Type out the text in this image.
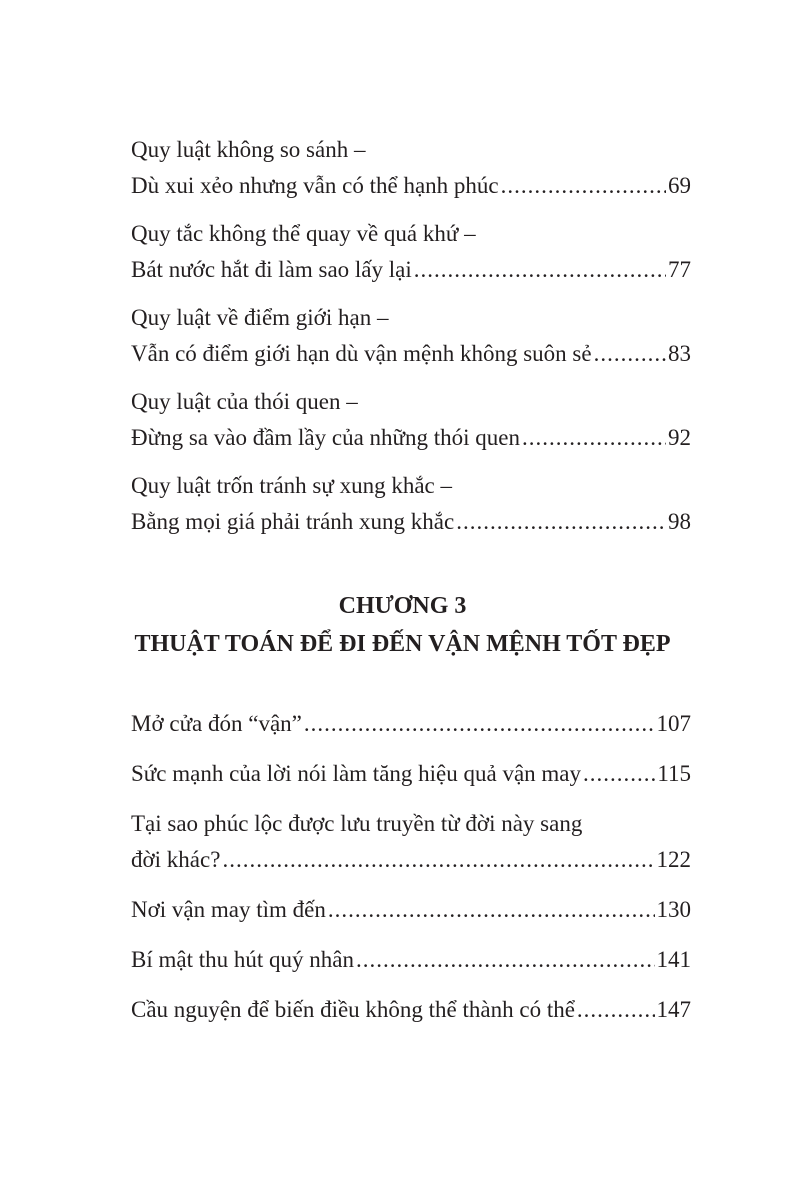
Quy luật không so sánh –
Dù xui xẻo nhưng vẫn có thể hạnh phúc .....	69
Quy tắc không thể quay về quá khứ –
Bát nước hắt đi làm sao lấy lại .....	77
Quy luật về điểm giới hạn –
Vẫn có điểm giới hạn dù vận mệnh không suôn sẻ .....	83
Quy luật của thói quen –
Đừng sa vào đầm lầy của những thói quen .....	92
Quy luật trốn tránh sự xung khắc –
Bằng mọi giá phải tránh xung khắc .....	98
CHƯƠNG 3
THUẬT TOÁN ĐỂ ĐI ĐẾN VẬN MỆNH TỐT ĐẸP
Mở cửa đón “vận” .....	107
Sức mạnh của lời nói làm tăng hiệu quả vận may .....	115
Tại sao phúc lộc được lưu truyền từ đời này sang
đời khác? .....	122
Nơi vận may tìm đến .....	130
Bí mật thu hút quý nhân .....	141
Cầu nguyện để biến điều không thể thành có thể .....	147
